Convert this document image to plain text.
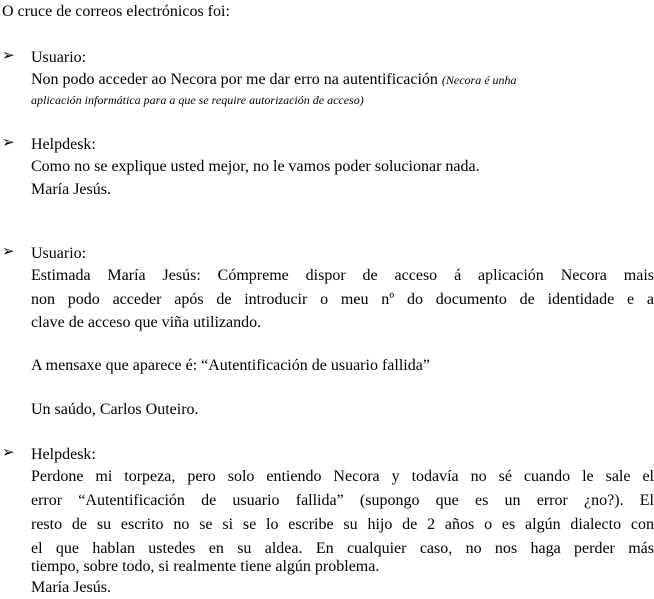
O cruce de correos electrónicos foi:
➢ Usuario:
Non podo acceder ao Necora por me dar erro na autentificación (Necora é unha
aplicación informática para a que se require autorización de acceso)
➢ Helpdesk:
Como no se explique usted mejor, no le vamos poder solucionar nada.
María Jesús.
➢ Usuario:
Estimada María Jesús: Cómpreme dispor de acceso á aplicación Necora mais
non podo acceder após de introducir o meu nº do documento de identidade e a
clave de acceso que viña utilizando.
A mensaxe que aparece é: “Autentificación de usuario fallida”
Un saúdo, Carlos Outeiro.
➢ Helpdesk:
Perdone mi torpeza, pero solo entiendo Necora y todavía no sé cuando le sale el
error “Autentificación de usuario fallida” (supongo que es un error ¿no?). El
resto de su escrito no se si se lo escribe su hijo de 2 años o es algún dialecto con
el que hablan ustedes en su aldea. En cualquier caso, no nos haga perder más
tiempo, sobre todo, si realmente tiene algún problema.
María Jesús.
